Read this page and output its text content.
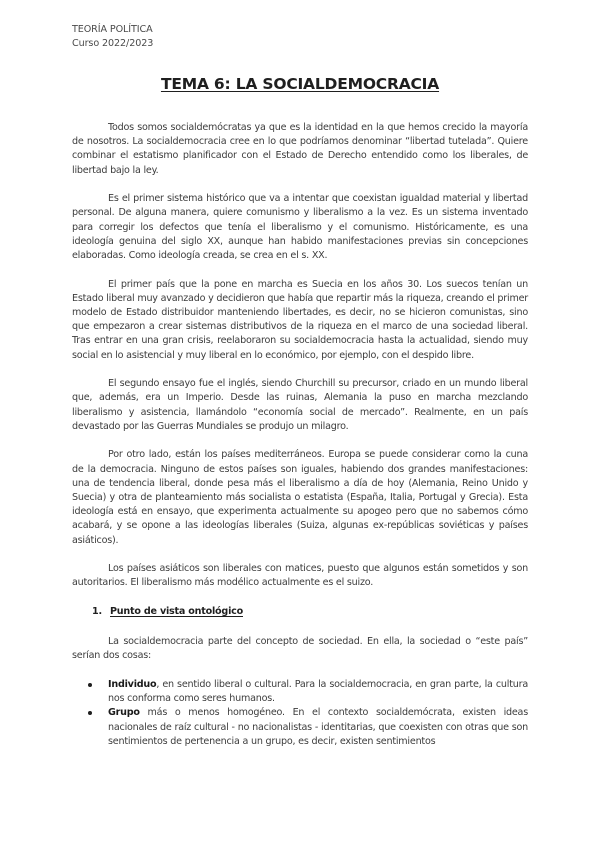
TEORÍA POLÍTICA
Curso 2022/2023
TEMA 6: LA SOCIALDEMOCRACIA

Todos somos socialdemócratas ya que es la identidad en la que hemos crecido la mayoría de nosotros. La socialdemocracia cree en lo que podríamos denominar “libertad tutelada”. Quiere combinar el estatismo planificador con el Estado de Derecho entendido como los liberales, de libertad bajo la ley.

Es el primer sistema histórico que va a intentar que coexistan igualdad material y libertad personal. De alguna manera, quiere comunismo y liberalismo a la vez. Es un sistema inventado para corregir los defectos que tenía el liberalismo y el comunismo. Históricamente, es una ideología genuina del siglo XX, aunque han habido manifestaciones previas sin concepciones elaboradas. Como ideología creada, se crea en el s. XX.

El primer país que la pone en marcha es Suecia en los años 30. Los suecos tenían un Estado liberal muy avanzado y decidieron que había que repartir más la riqueza, creando el primer modelo de Estado distribuidor manteniendo libertades, es decir, no se hicieron comunistas, sino que empezaron a crear sistemas distributivos de la riqueza en el marco de una sociedad liberal. Tras entrar en una gran crisis, reelaboraron su socialdemocracia hasta la actualidad, siendo muy social en lo asistencial y muy liberal en lo económico, por ejemplo, con el despido libre.

El segundo ensayo fue el inglés, siendo Churchill su precursor, criado en un mundo liberal que, además, era un Imperio. Desde las ruinas, Alemania la puso en marcha mezclando liberalismo y asistencia, llamándolo “economía social de mercado”. Realmente, en un país devastado por las Guerras Mundiales se produjo un milagro.

Por otro lado, están los países mediterráneos. Europa se puede considerar como la cuna de la democracia. Ninguno de estos países son iguales, habiendo dos grandes manifestaciones: una de tendencia liberal, donde pesa más el liberalismo a día de hoy (Alemania, Reino Unido y Suecia) y otra de planteamiento más socialista o estatista (España, Italia, Portugal y Grecia). Esta ideología está en ensayo, que experimenta actualmente su apogeo pero que no sabemos cómo acabará, y se opone a las ideologías liberales (Suiza, algunas ex-repúblicas soviéticas y países asiáticos).

Los países asiáticos son liberales con matices, puesto que algunos están sometidos y son autoritarios. El liberalismo más modélico actualmente es el suizo.

1. Punto de vista ontológico

La socialdemocracia parte del concepto de sociedad. En ella, la sociedad o “este país” serían dos cosas:

Individuo, en sentido liberal o cultural. Para la socialdemocracia, en gran parte, la cultura nos conforma como seres humanos.
Grupo más o menos homogéneo. En el contexto socialdemócrata, existen ideas nacionales de raíz cultural - no nacionalistas - identitarias, que coexisten con otras que son sentimientos de pertenencia a un grupo, es decir, existen sentimientos
